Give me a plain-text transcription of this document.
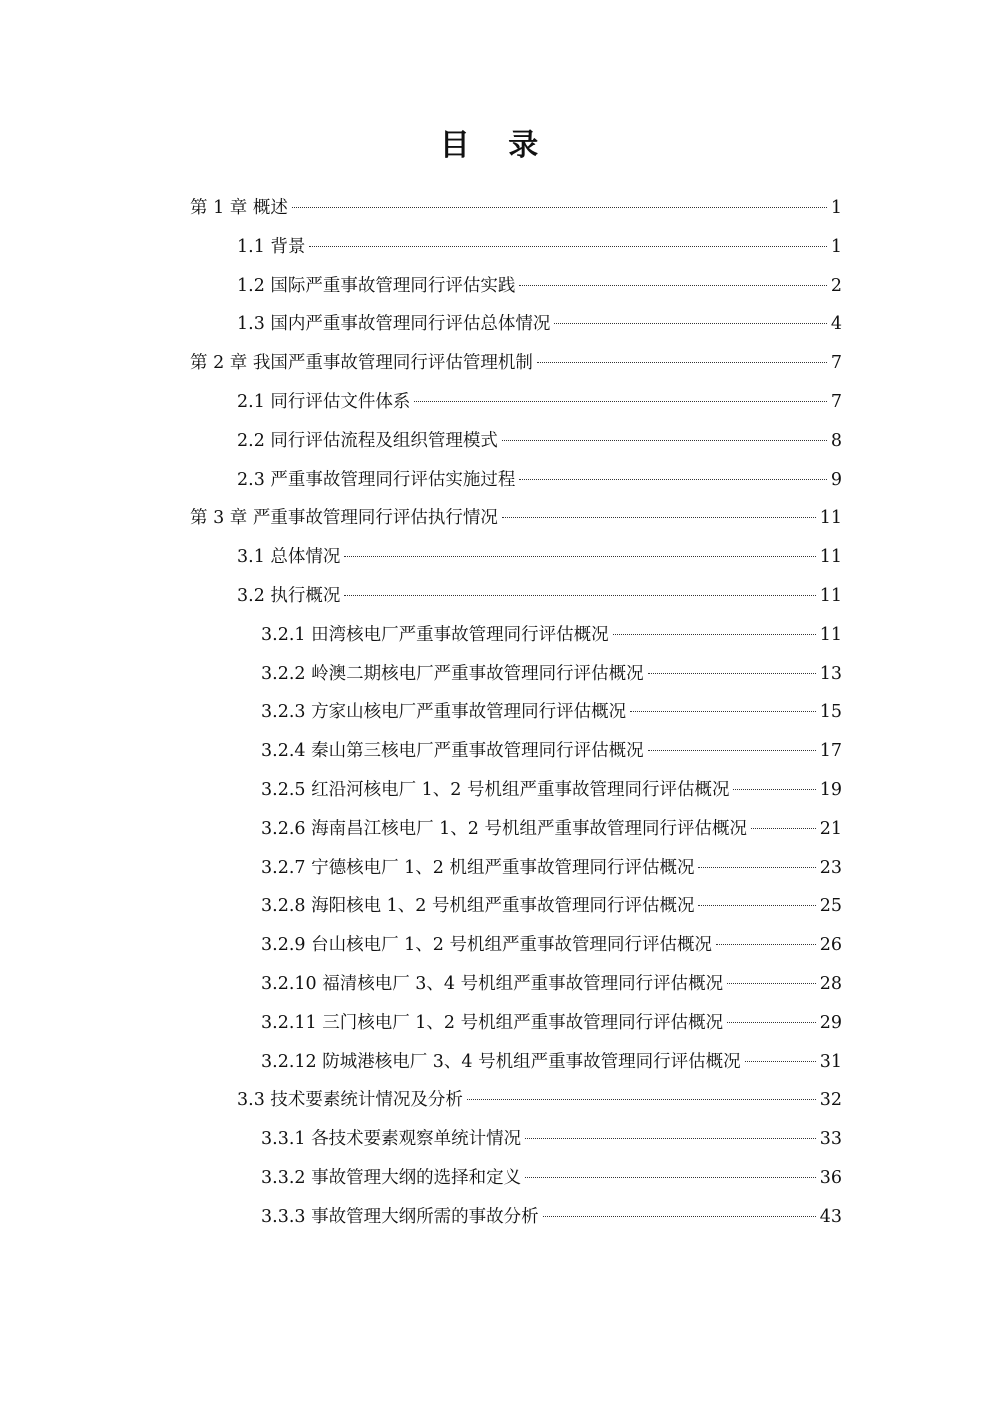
目 录
第 1 章 概述	1
1.1 背景	1
1.2 国际严重事故管理同行评估实践	2
1.3 国内严重事故管理同行评估总体情况	4
第 2 章 我国严重事故管理同行评估管理机制	7
2.1 同行评估文件体系	7
2.2 同行评估流程及组织管理模式	8
2.3 严重事故管理同行评估实施过程	9
第 3 章 严重事故管理同行评估执行情况	11
3.1 总体情况	11
3.2 执行概况	11
3.2.1 田湾核电厂严重事故管理同行评估概况	11
3.2.2 岭澳二期核电厂严重事故管理同行评估概况	13
3.2.3 方家山核电厂严重事故管理同行评估概况	15
3.2.4 秦山第三核电厂严重事故管理同行评估概况	17
3.2.5 红沿河核电厂 1、2 号机组严重事故管理同行评估概况	19
3.2.6 海南昌江核电厂 1、2 号机组严重事故管理同行评估概况	21
3.2.7 宁德核电厂 1、2 机组严重事故管理同行评估概况	23
3.2.8 海阳核电 1、2 号机组严重事故管理同行评估概况	25
3.2.9 台山核电厂 1、2 号机组严重事故管理同行评估概况	26
3.2.10 福清核电厂 3、4 号机组严重事故管理同行评估概况	28
3.2.11 三门核电厂 1、2 号机组严重事故管理同行评估概况	29
3.2.12 防城港核电厂 3、4 号机组严重事故管理同行评估概况	31
3.3 技术要素统计情况及分析	32
3.3.1 各技术要素观察单统计情况	33
3.3.2 事故管理大纲的选择和定义	36
3.3.3 事故管理大纲所需的事故分析	43
